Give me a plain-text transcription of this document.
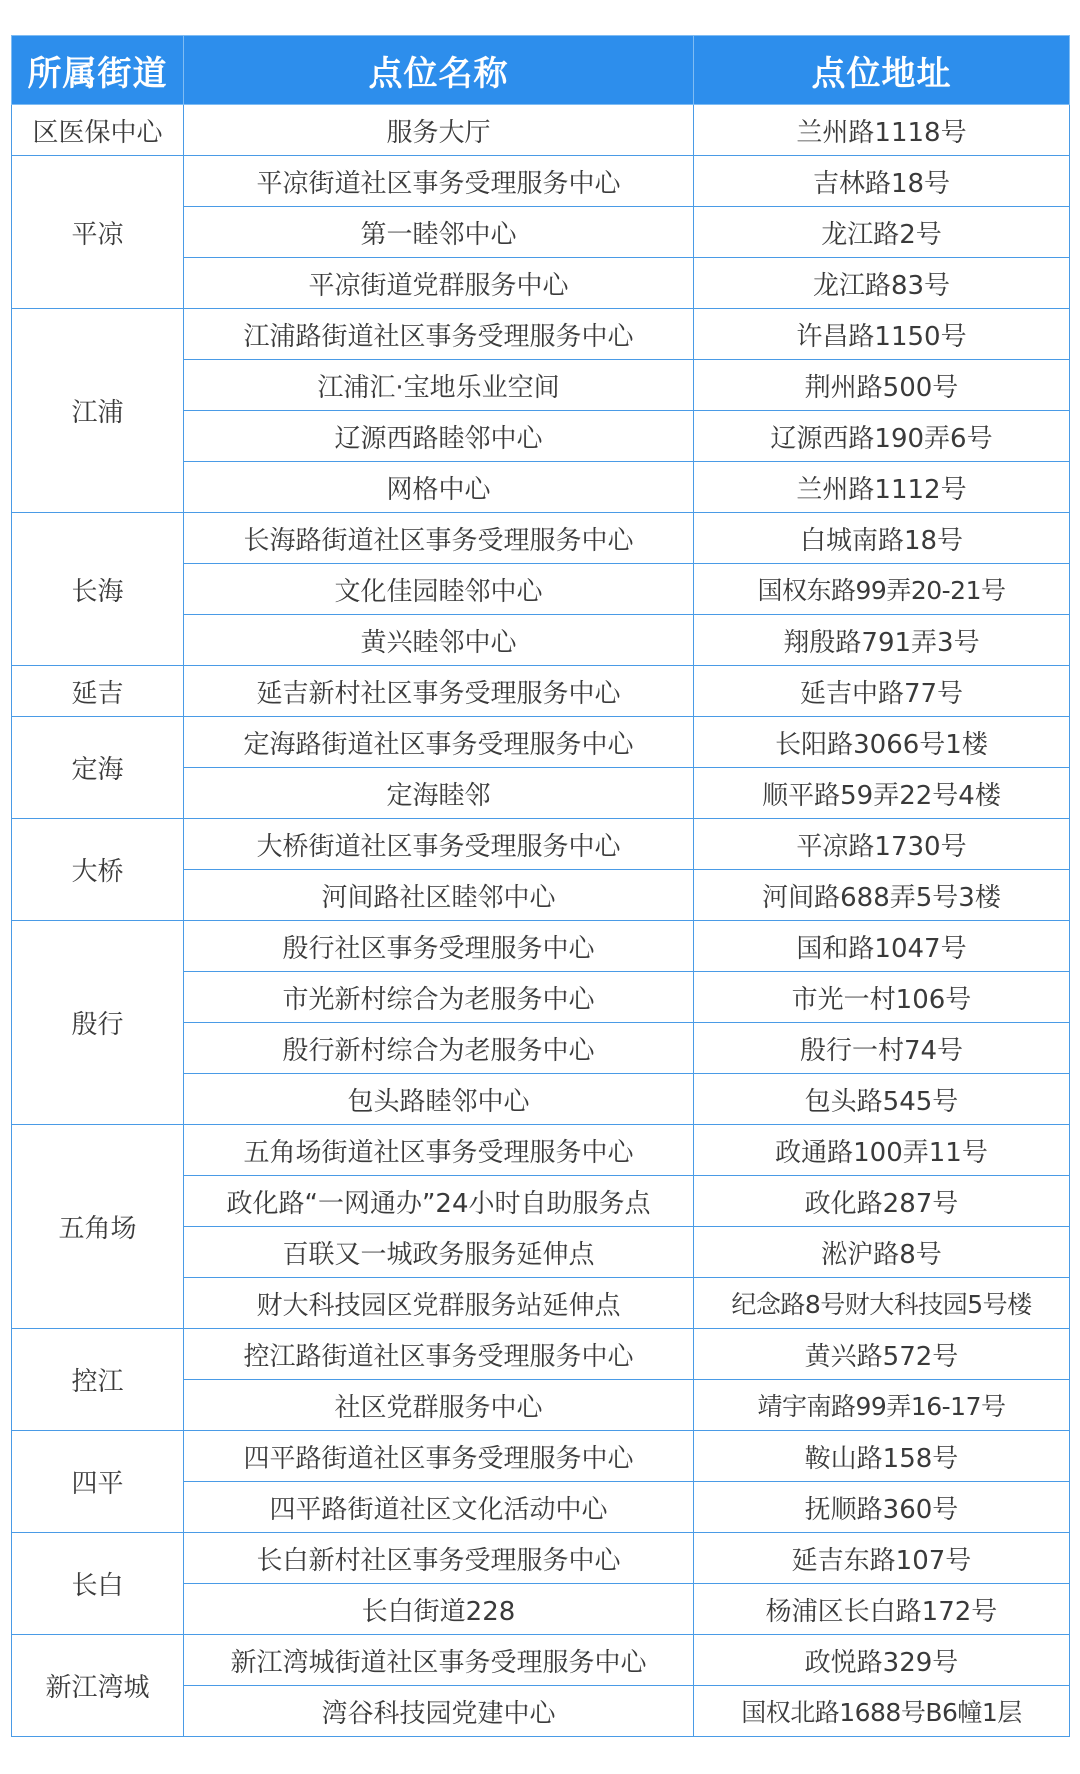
所属街道	点位名称	点位地址
区医保中心	服务大厅	兰州路1118号
平凉	平凉街道社区事务受理服务中心	吉林路18号
	第一睦邻中心	龙江路2号
	平凉街道党群服务中心	龙江路83号
江浦	江浦路街道社区事务受理服务中心	许昌路1150号
	江浦汇·宝地乐业空间	荆州路500号
	辽源西路睦邻中心	辽源西路190弄6号
	网格中心	兰州路1112号
长海	长海路街道社区事务受理服务中心	白城南路18号
	文化佳园睦邻中心	国权东路99弄20-21号
	黄兴睦邻中心	翔殷路791弄3号
延吉	延吉新村社区事务受理服务中心	延吉中路77号
定海	定海路街道社区事务受理服务中心	长阳路3066号1楼
	定海睦邻	顺平路59弄22号4楼
大桥	大桥街道社区事务受理服务中心	平凉路1730号
	河间路社区睦邻中心	河间路688弄5号3楼
殷行	殷行社区事务受理服务中心	国和路1047号
	市光新村综合为老服务中心	市光一村106号
	殷行新村综合为老服务中心	殷行一村74号
	包头路睦邻中心	包头路545号
五角场	五角场街道社区事务受理服务中心	政通路100弄11号
	政化路“一网通办”24小时自助服务点	政化路287号
	百联又一城政务服务延伸点	淞沪路8号
	财大科技园区党群服务站延伸点	纪念路8号财大科技园5号楼
控江	控江路街道社区事务受理服务中心	黄兴路572号
	社区党群服务中心	靖宇南路99弄16-17号
四平	四平路街道社区事务受理服务中心	鞍山路158号
	四平路街道社区文化活动中心	抚顺路360号
长白	长白新村社区事务受理服务中心	延吉东路107号
	长白街道228	杨浦区长白路172号
新江湾城	新江湾城街道社区事务受理服务中心	政悦路329号
	湾谷科技园党建中心	国权北路1688号B6幢1层
